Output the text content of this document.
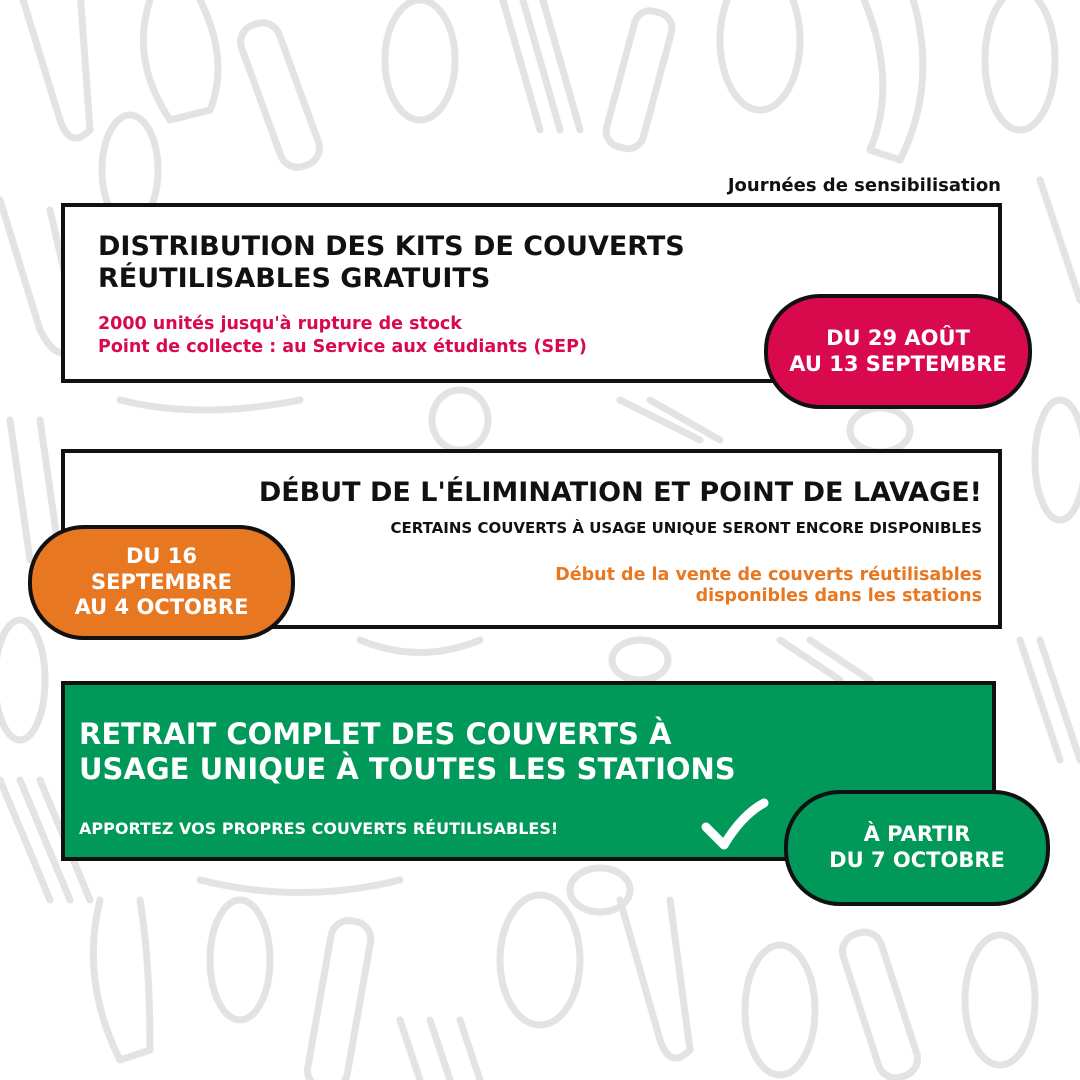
Journées de sensibilisation
DISTRIBUTION DES KITS DE COUVERTS RÉUTILISABLES GRATUITS
2000 unités jusqu'à rupture de stock
Point de collecte : au Service aux étudiants (SEP)	DU 29 AOÛT
AU 13 SEPTEMBRE
DÉBUT DE L'ÉLIMINATION ET POINT DE LAVAGE!
CERTAINS COUVERTS À USAGE UNIQUE SERONT ENCORE DISPONIBLES
Début de la vente de couverts réutilisables
disponibles dans les stations
DU 16
SEPTEMBRE
AU 4 OCTOBRE
RETRAIT COMPLET DES COUVERTS À
USAGE UNIQUE À TOUTES LES STATIONS
APPORTEZ VOS PROPRES COUVERTS RÉUTILISABLES!	À PARTIR
DU 7 OCTOBRE
